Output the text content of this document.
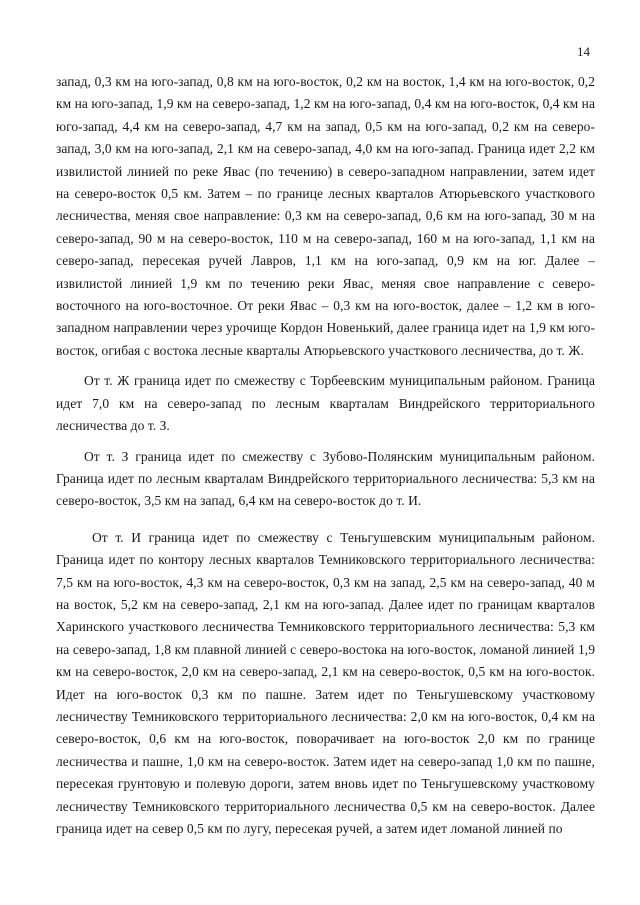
14

запад, 0,3 км на юго-запад, 0,8 км на юго-восток, 0,2 км на восток, 1,4 км на юго-восток, 0,2 км на юго-запад, 1,9 км на северо-запад, 1,2 км на юго-запад, 0,4 км на юго-восток, 0,4 км на юго-запад, 4,4 км на северо-запад, 4,7 км на запад, 0,5 км на юго-запад, 0,2 км на северо-запад, 3,0 км на юго-запад, 2,1 км на северо-запад, 4,0 км на юго-запад. Граница идет 2,2 км извилистой линией по реке Явас (по течению) в северо-западном направлении, затем идет на северо-восток 0,5 км. Затем – по границе лесных кварталов Атюрьевского участкового лесничества, меняя свое направление: 0,3 км на северо-запад, 0,6 км на юго-запад, 30 м на северо-запад, 90 м на северо-восток, 110 м на северо-запад, 160 м на юго-запад, 1,1 км на северо-запад, пересекая ручей Лавров, 1,1 км на юго-запад, 0,9 км на юг. Далее – извилистой линией 1,9 км по течению реки Явас, меняя свое направление с северо-восточного на юго-восточное. От реки Явас – 0,3 км на юго-восток, далее – 1,2 км в юго-западном направлении через урочище Кордон Новенький, далее граница идет на 1,9 км юго-восток, огибая с востока лесные кварталы Атюрьевского участкового лесничества, до т. Ж.

От т. Ж граница идет по смежеству с Торбеевским муниципальным районом. Граница идет 7,0 км на северо-запад по лесным кварталам Виндрейского территориального лесничества до т. З.

От т. З граница идет по смежеству с Зубово-Полянским муниципальным районом. Граница идет по лесным кварталам Виндрейского территориального лесничества: 5,3 км на северо-восток, 3,5 км на запад, 6,4 км на северо-восток до т. И.

От т. И граница идет по смежеству с Теньгушевским муниципальным районом. Граница идет по контору лесных кварталов Темниковского территориального лесничества: 7,5 км на юго-восток, 4,3 км на северо-восток, 0,3 км на запад, 2,5 км на северо-запад, 40 м на восток, 5,2 км на северо-запад, 2,1 км на юго-запад. Далее идет по границам кварталов Харинского участкового лесничества Темниковского территориального лесничества: 5,3 км на северо-запад, 1,8 км плавной линией с северо-востока на юго-восток, ломаной линией 1,9 км на северо-восток, 2,0 км на северо-запад, 2,1 км на северо-восток, 0,5 км на юго-восток. Идет на юго-восток 0,3 км по пашне. Затем идет по Теньгушевскому участковому лесничеству Темниковского территориального лесничества: 2,0 км на юго-восток, 0,4 км на северо-восток, 0,6 км на юго-восток, поворачивает на юго-восток 2,0 км по границе лесничества и пашне, 1,0 км на северо-восток. Затем идет на северо-запад 1,0 км по пашне, пересекая грунтовую и полевую дороги, затем вновь идет по Теньгушевскому участковому лесничеству Темниковского территориального лесничества 0,5 км на северо-восток. Далее граница идет на север 0,5 км по лугу, пересекая ручей, а затем идет ломаной линией по
